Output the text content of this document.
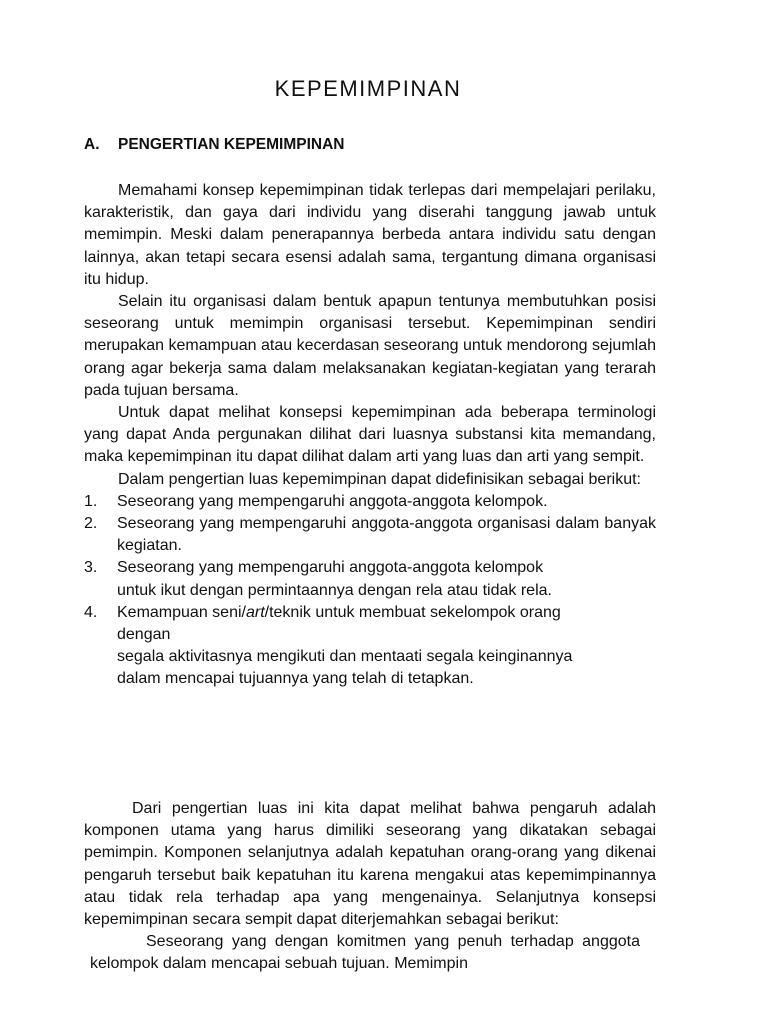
KEPEMIMPINAN
A. PENGERTIAN KEPEMIMPINAN

Memahami konsep kepemimpinan tidak terlepas dari mempelajari perilaku, karakteristik, dan gaya dari individu yang diserahi tanggung jawab untuk memimpin. Meski dalam penerapannya berbeda antara individu satu dengan lainnya, akan tetapi secara esensi adalah sama, tergantung dimana organisasi itu hidup.

Selain itu organisasi dalam bentuk apapun tentunya membutuhkan posisi seseorang untuk memimpin organisasi tersebut. Kepemimpinan sendiri merupakan kemampuan atau kecerdasan seseorang untuk mendorong sejumlah orang agar bekerja sama dalam melaksanakan kegiatan-kegiatan yang terarah pada tujuan bersama.

Untuk dapat melihat konsepsi kepemimpinan ada beberapa terminologi yang dapat Anda pergunakan dilihat dari luasnya substansi kita memandang, maka kepemimpinan itu dapat dilihat dalam arti yang luas dan arti yang sempit.

Dalam pengertian luas kepemimpinan dapat didefinisikan sebagai berikut:

1. Seseorang yang mempengaruhi anggota-anggota kelompok.
2. Seseorang yang mempengaruhi anggota-anggota organisasi dalam banyak kegiatan.
3. Seseorang yang mempengaruhi anggota-anggota kelompok
untuk ikut dengan permintaannya dengan rela atau tidak rela.
4. Kemampuan seni/art/teknik untuk membuat sekelompok orang
dengan
segala aktivitasnya mengikuti dan mentaati segala keinginannya
dalam mencapai tujuannya yang telah di tetapkan.

Dari pengertian luas ini kita dapat melihat bahwa pengaruh adalah komponen utama yang harus dimiliki seseorang yang dikatakan sebagai pemimpin. Komponen selanjutnya adalah kepatuhan orang-orang yang dikenai pengaruh tersebut baik kepatuhan itu karena mengakui atas kepemimpinannya atau tidak rela terhadap apa yang mengenainya. Selanjutnya konsepsi kepemimpinan secara sempit dapat diterjemahkan sebagai berikut:

Seseorang yang dengan komitmen yang penuh terhadap anggota kelompok dalam mencapai sebuah tujuan. Memimpin
